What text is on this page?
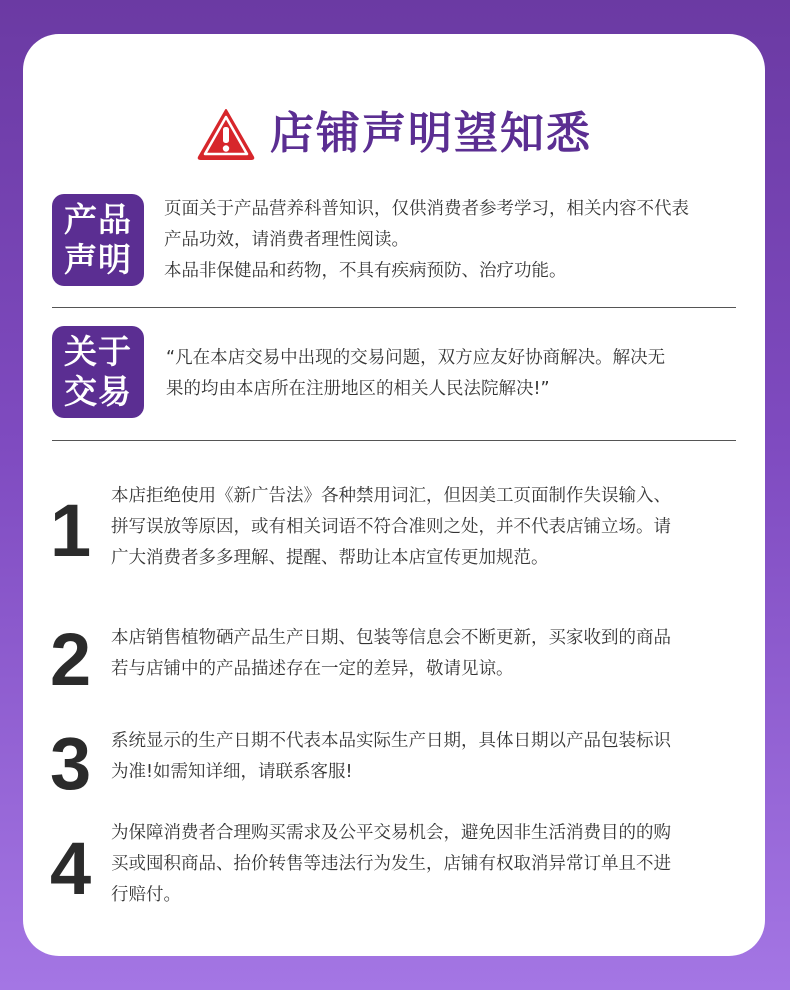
店铺声明望知悉
产品
声明

页面关于产品营养科普知识，仅供消费者参考学习，相关内容不代表

产品功效，请消费者理性阅读。

本品非保健品和药物，不具有疾病预防、治疗功能。

关于
交易

“凡在本店交易中出现的交易问题，双方应友好协商解决。解决无

果的均由本店所在注册地区的相关人民法院解决!”

1	本店拒绝使用《新广告法》各种禁用词汇，但因美工页面制作失误输入、

拼写误放等原因，或有相关词语不符合准则之处，并不代表店铺立场。请

广大消费者多多理解、提醒、帮助让本店宣传更加规范。

2	本店销售植物硒产品生产日期、包装等信息会不断更新，买家收到的商品

若与店铺中的产品描述存在一定的差异，敬请见谅。

3	系统显示的生产日期不代表本品实际生产日期，具体日期以产品包装标识

为准!如需知详细，请联系客服!

4	为保障消费者合理购买需求及公平交易机会，避免因非生活消费目的的购

买或囤积商品、抬价转售等违法行为发生，店铺有权取消异常订单且不进

行赔付。
